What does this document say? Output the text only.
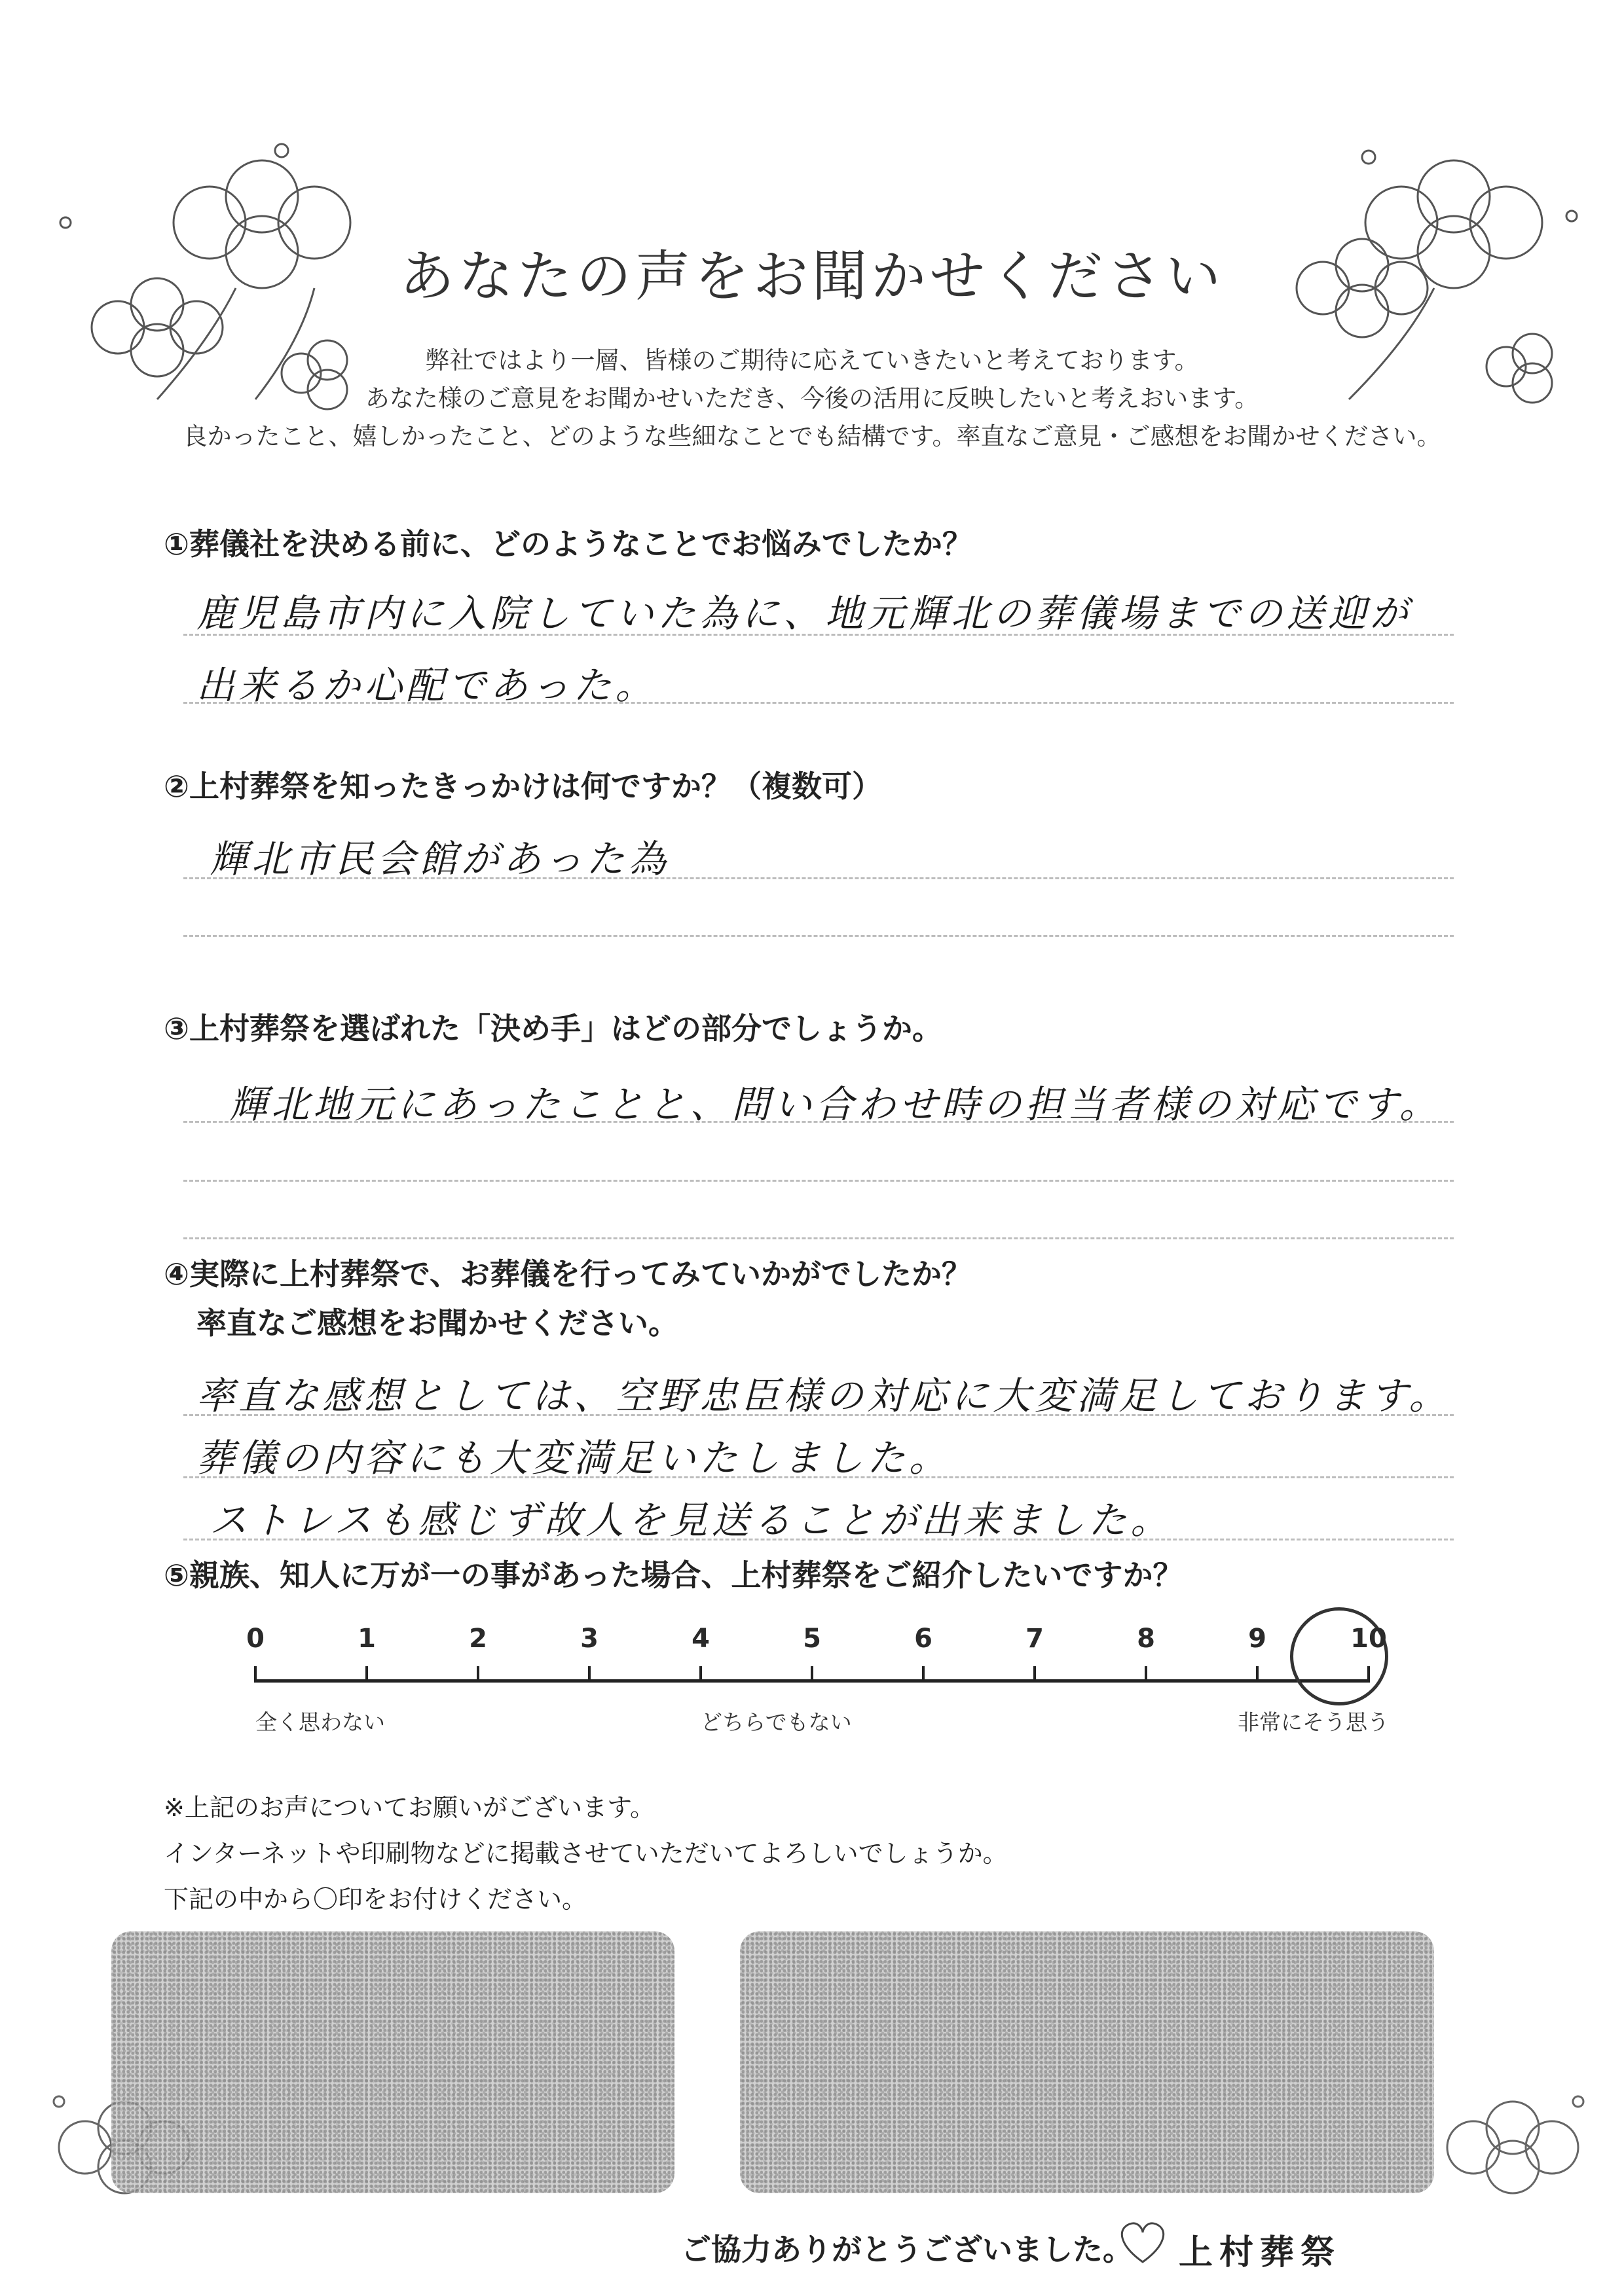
あなたの声をお聞かせください
弊社ではより一層、皆様のご期待に応えていきたいと考えております。
あなた様のご意見をお聞かせいただき、今後の活用に反映したいと考えおいます。
良かったこと、嬉しかったこと、どのような些細なことでも結構です。率直なご意見・ご感想をお聞かせください。
①葬儀社を決める前に、どのようなことでお悩みでしたか？
鹿児島市内に入院していた為に、地元輝北の葬儀場までの送迎が
出来るか心配であった。
②上村葬祭を知ったきっかけは何ですか？（複数可）
輝北市民会館があった為
③上村葬祭を選ばれた「決め手」はどの部分でしょうか。
輝北地元にあったことと、問い合わせ時の担当者様の対応です。
④実際に上村葬祭で、お葬儀を行ってみていかがでしたか？
率直なご感想をお聞かせください。
率直な感想としては、空野忠臣様の対応に大変満足しております。
葬儀の内容にも大変満足いたしました。
ストレスも感じず故人を見送ることが出来ました。
⑤親族、知人に万が一の事があった場合、上村葬祭をご紹介したいですか？
0	1	2	3	4	5	6	7	8	9	10
全く思わない	どちらでもない	非常にそう思う
※上記のお声についてお願いがございます。
インターネットや印刷物などに掲載させていただいてよろしいでしょうか。
下記の中から〇印をお付けください。
ご協力ありがとうございました。 上村葬祭
